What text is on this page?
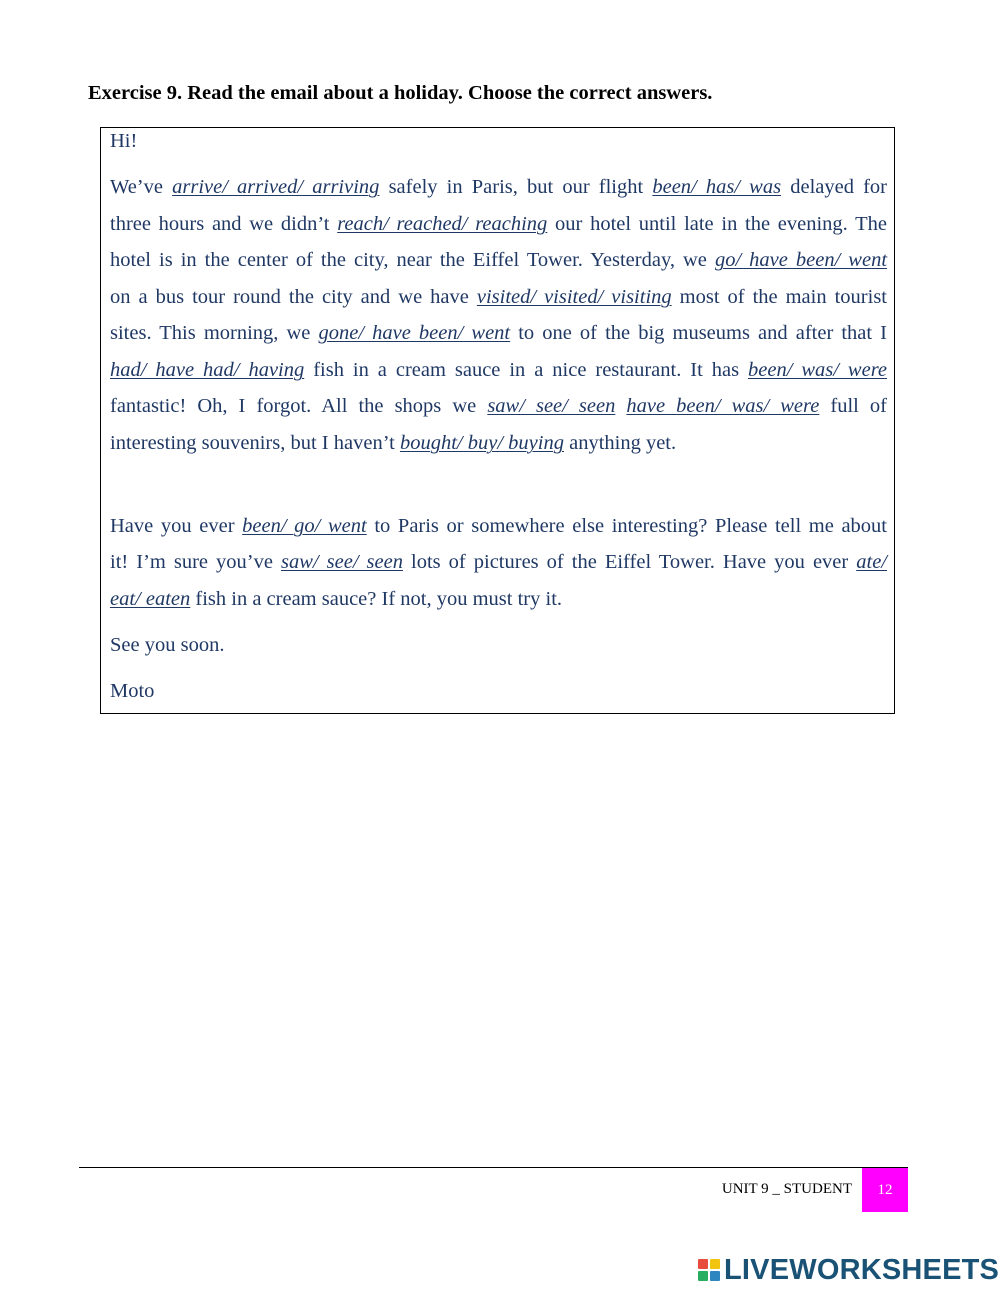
Exercise 9. Read the email about a holiday. Choose the correct answers.
Hi!
We’ve arrive/ arrived/ arriving safely in Paris, but our flight been/ has/ was delayed for
three hours and we didn’t reach/ reached/ reaching our hotel until late in the evening. The
hotel is in the center of the city, near the Eiffel Tower. Yesterday, we go/ have been/ went
on a bus tour round the city and we have visited/ visited/ visiting most of the main tourist
sites. This morning, we gone/ have been/ went to one of the big museums and after that I
had/ have had/ having fish in a cream sauce in a nice restaurant. It has been/ was/ were
fantastic! Oh, I forgot. All the shops we saw/ see/ seen have been/ was/ were full of
interesting souvenirs, but I haven’t bought/ buy/ buying anything yet.
Have you ever been/ go/ went to Paris or somewhere else interesting? Please tell me about
it! I’m sure you’ve saw/ see/ seen lots of pictures of the Eiffel Tower. Have you ever ate/
eat/ eaten fish in a cream sauce? If not, you must try it.
See you soon.
Moto
UNIT 9 _ STUDENT	12
LIVEWORKSHEETS
